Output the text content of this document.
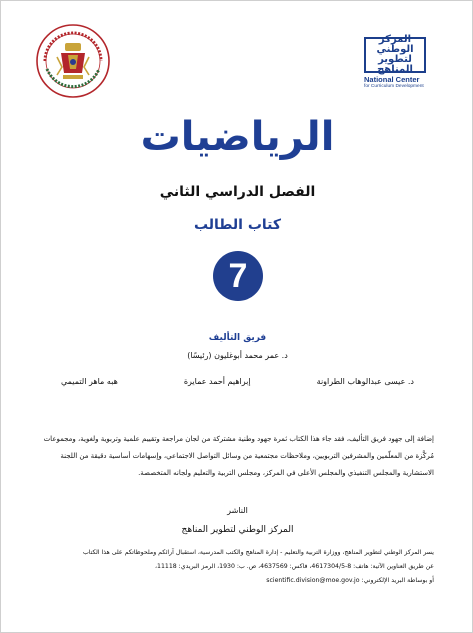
المركز الوطني
لتطوير المناهج
National Center
for Curriculum Development
الرياضيات
الفصل الدراسي الثاني
كتاب الطالب
7
فريق التأليف
د. عمر محمد أبوغليون (رئيسًا)
د. عيسى عبدالوهاب الطراونة
إبراهيم أحمد عمايرة
هبه ماهر التميمي
إضافة إلى جهود فريق التأليف، فقد جاء هذا الكتاب ثمرة جهود وطنية مشتركة من لجان مراجعة وتقييم علمية وتربوية ولغوية، ومجموعات مُركَّزة من المعلّمين والمشرفين التربويين، وملاحظات مجتمعية من وسائل التواصل الاجتماعي، وإسهامات أساسية دقيقة من اللجنة الاستشارية والمجلس التنفيذي والمجلس الأعلى في المركز، ومجلس التربية والتعليم ولجانه المتخصصة.
الناشر
المركز الوطني لتطوير المناهج
يسر المركز الوطني لتطوير المناهج، ووزارة التربية والتعليم - إدارة المناهج والكتب المدرسية، استقبال آرائكم وملحوظاتكم على هذا الكتاب
عن طريق العناوين الآتية: هاتف: 8-4617304/5، فاكس: 4637569، ص. ب: 1930، الرمز البريدي: 11118،
أو بوساطة البريد الإلكتروني: scientific.division@moe.gov.jo
